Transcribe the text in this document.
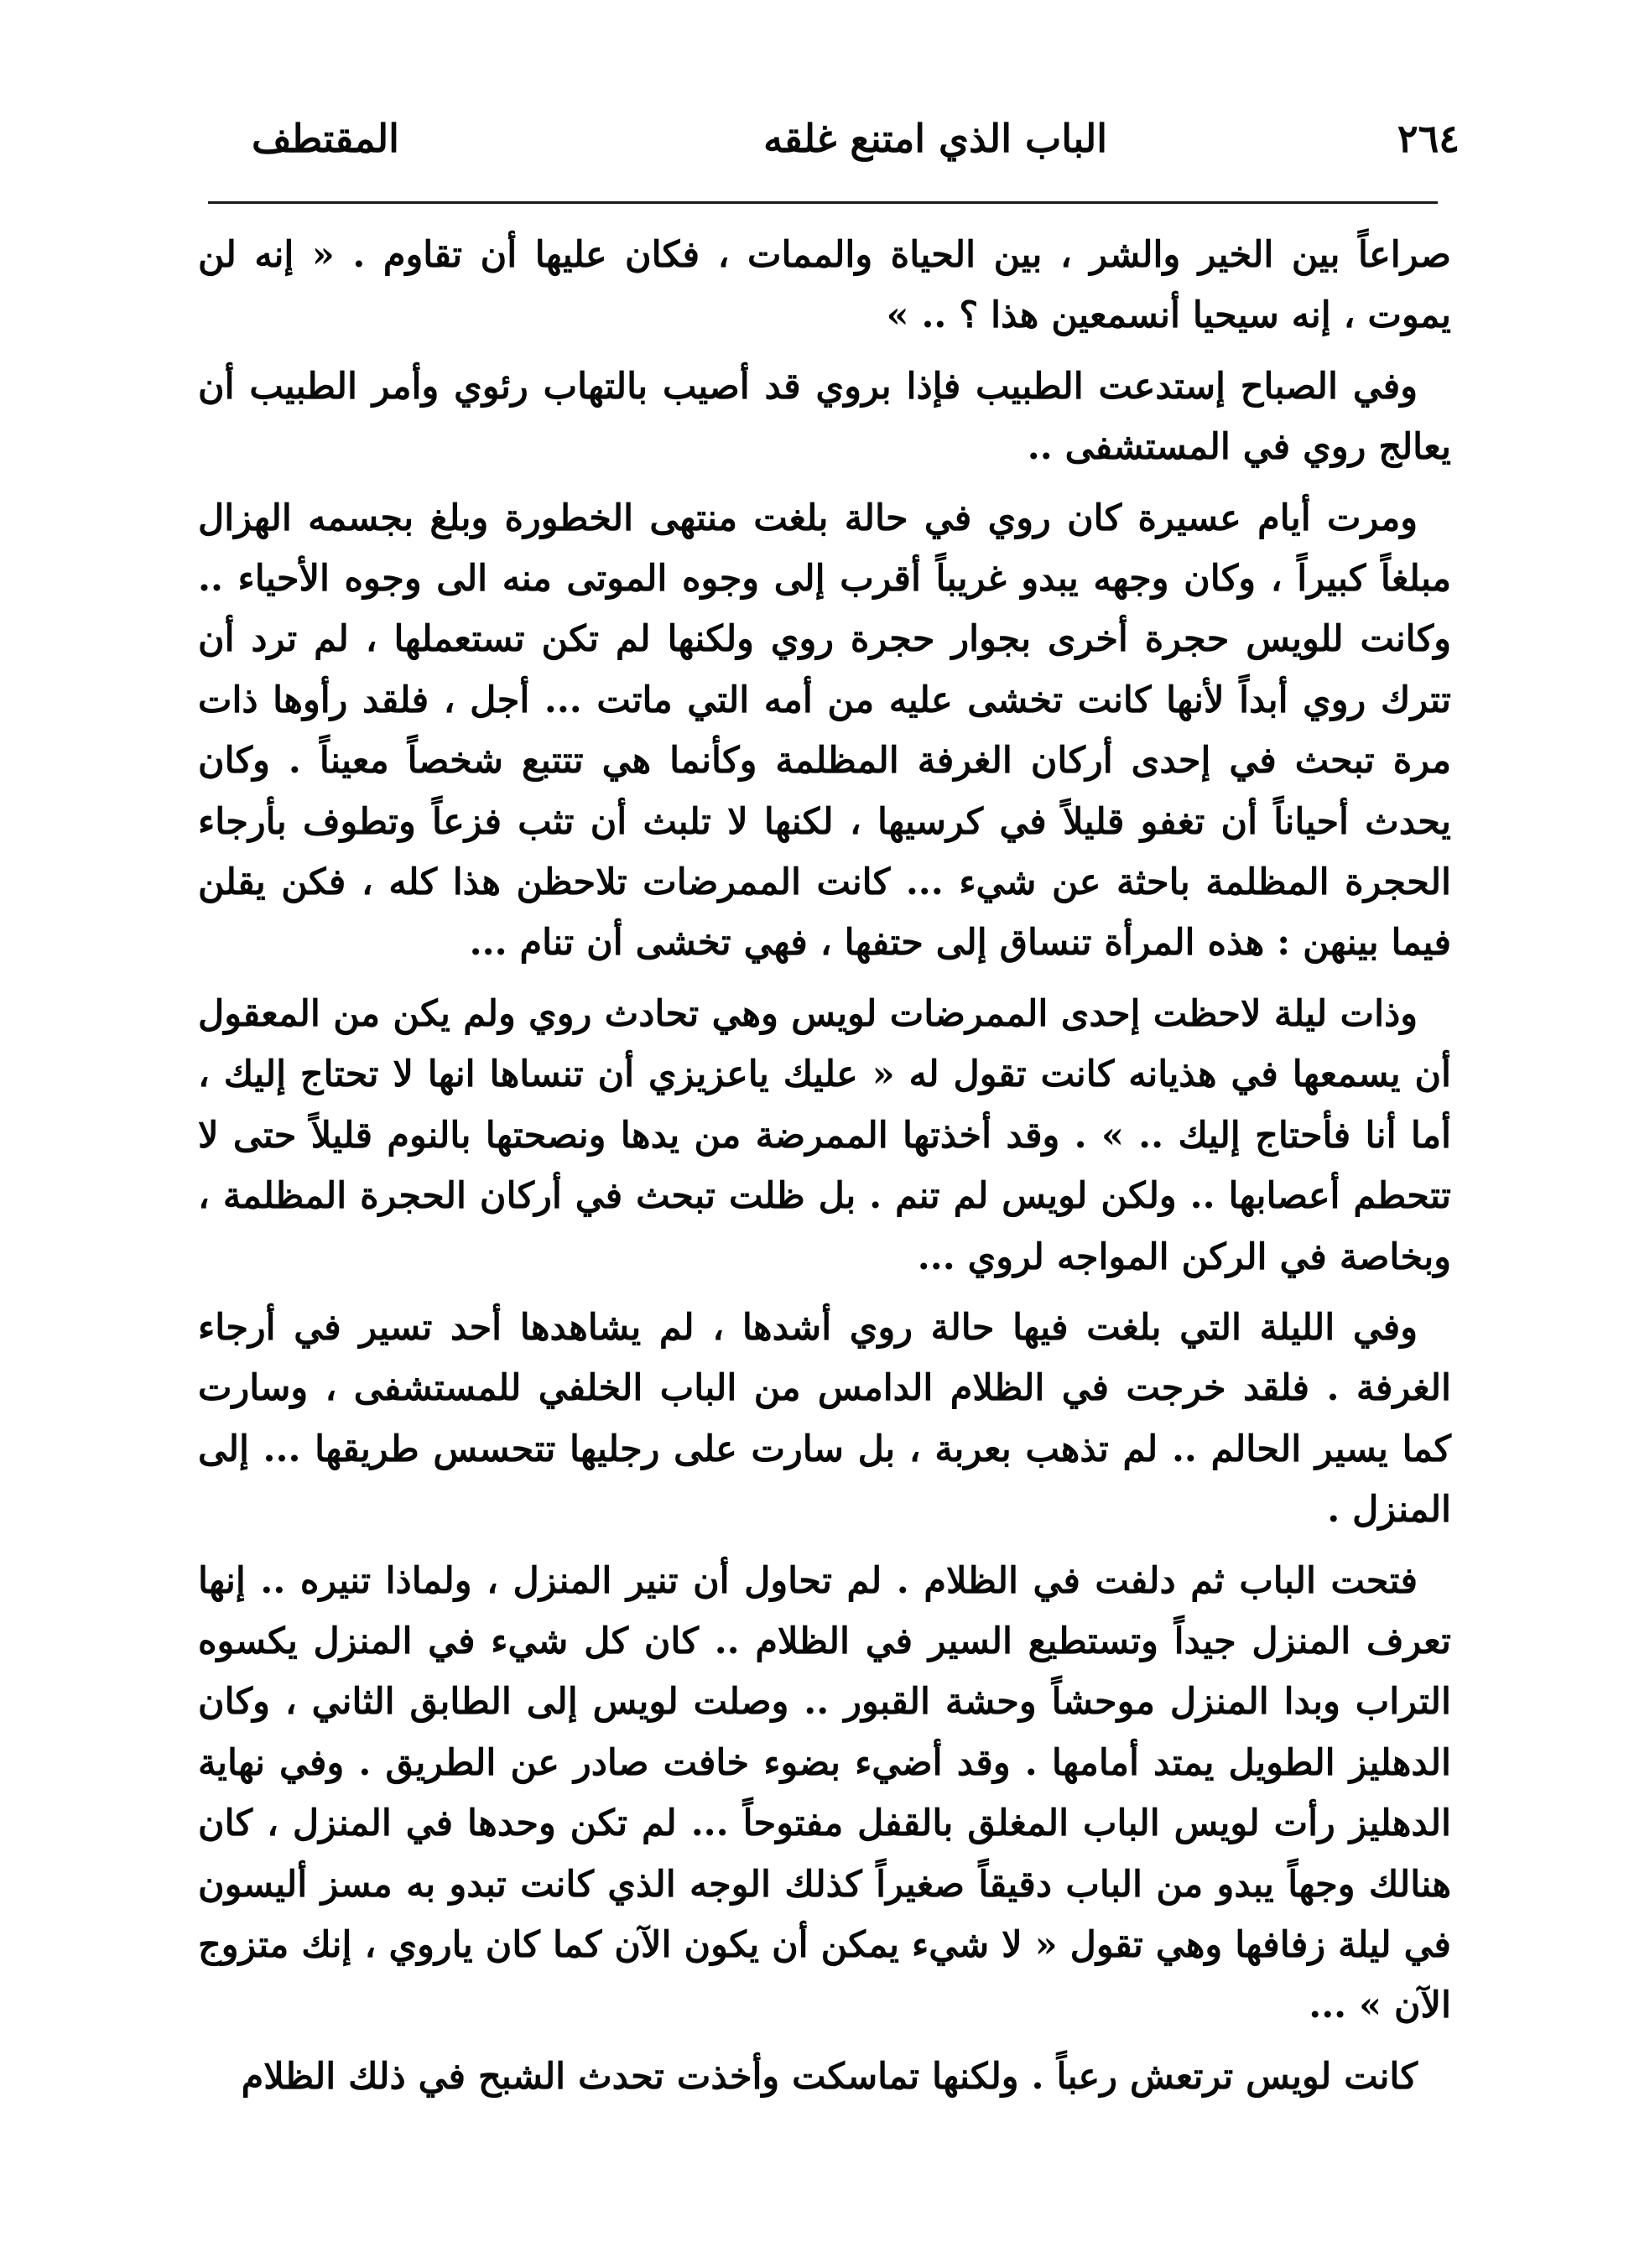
٢٦٤
الباب الذي امتنع غلقه
المقتطف

صراعاً بين الخير والشر ، بين الحياة والممات ، فكان عليها أن تقاوم . « إنه لن يموت ، إنه سيحيا أنسمعين هذا ؟ .. »

وفي الصباح إستدعت الطبيب فإذا بروي قد أصيب بالتهاب رئوي وأمر الطبيب أن يعالج روي في المستشفى ..

ومرت أيام عسيرة كان روي في حالة بلغت منتهى الخطورة وبلغ بجسمه الهزال مبلغاً كبيراً ، وكان وجهه يبدو غريباً أقرب إلى وجوه الموتى منه الى وجوه الأحياء .. وكانت للويس حجرة أخرى بجوار حجرة روي ولكنها لم تكن تستعملها ، لم ترد أن تترك روي أبداً لأنها كانت تخشى عليه من أمه التي ماتت ... أجل ، فلقد رأوها ذات مرة تبحث في إحدى أركان الغرفة المظلمة وكأنما هي تتتبع شخصاً معيناً . وكان يحدث أحياناً أن تغفو قليلاً في كرسيها ، لكنها لا تلبث أن تثب فزعاً وتطوف بأرجاء الحجرة المظلمة باحثة عن شيء ... كانت الممرضات تلاحظن هذا كله ، فكن يقلن فيما بينهن : هذه المرأة تنساق إلى حتفها ، فهي تخشى أن تنام ...

وذات ليلة لاحظت إحدى الممرضات لويس وهي تحادث روي ولم يكن من المعقول أن يسمعها في هذيانه كانت تقول له « عليك ياعزيزي أن تنساها انها لا تحتاج إليك ، أما أنا فأحتاج إليك .. » . وقد أخذتها الممرضة من يدها ونصحتها بالنوم قليلاً حتى لا تتحطم أعصابها .. ولكن لويس لم تنم . بل ظلت تبحث في أركان الحجرة المظلمة ، وبخاصة في الركن المواجه لروي ...

وفي الليلة التي بلغت فيها حالة روي أشدها ، لم يشاهدها أحد تسير في أرجاء الغرفة . فلقد خرجت في الظلام الدامس من الباب الخلفي للمستشفى ، وسارت كما يسير الحالم .. لم تذهب بعربة ، بل سارت على رجليها تتحسس طريقها ... إلى المنزل .

فتحت الباب ثم دلفت في الظلام . لم تحاول أن تنير المنزل ، ولماذا تنيره .. إنها تعرف المنزل جيداً وتستطيع السير في الظلام .. كان كل شيء في المنزل يكسوه التراب وبدا المنزل موحشاً وحشة القبور .. وصلت لويس إلى الطابق الثاني ، وكان الدهليز الطويل يمتد أمامها . وقد أضيء بضوء خافت صادر عن الطريق . وفي نهاية الدهليز رأت لويس الباب المغلق بالقفل مفتوحاً ... لم تكن وحدها في المنزل ، كان هنالك وجهاً يبدو من الباب دقيقاً صغيراً كذلك الوجه الذي كانت تبدو به مسز أليسون في ليلة زفافها وهي تقول « لا شيء يمكن أن يكون الآن كما كان ياروي ، إنك متزوج الآن » ...

كانت لويس ترتعش رعباً . ولكنها تماسكت وأخذت تحدث الشبح في ذلك الظلام
